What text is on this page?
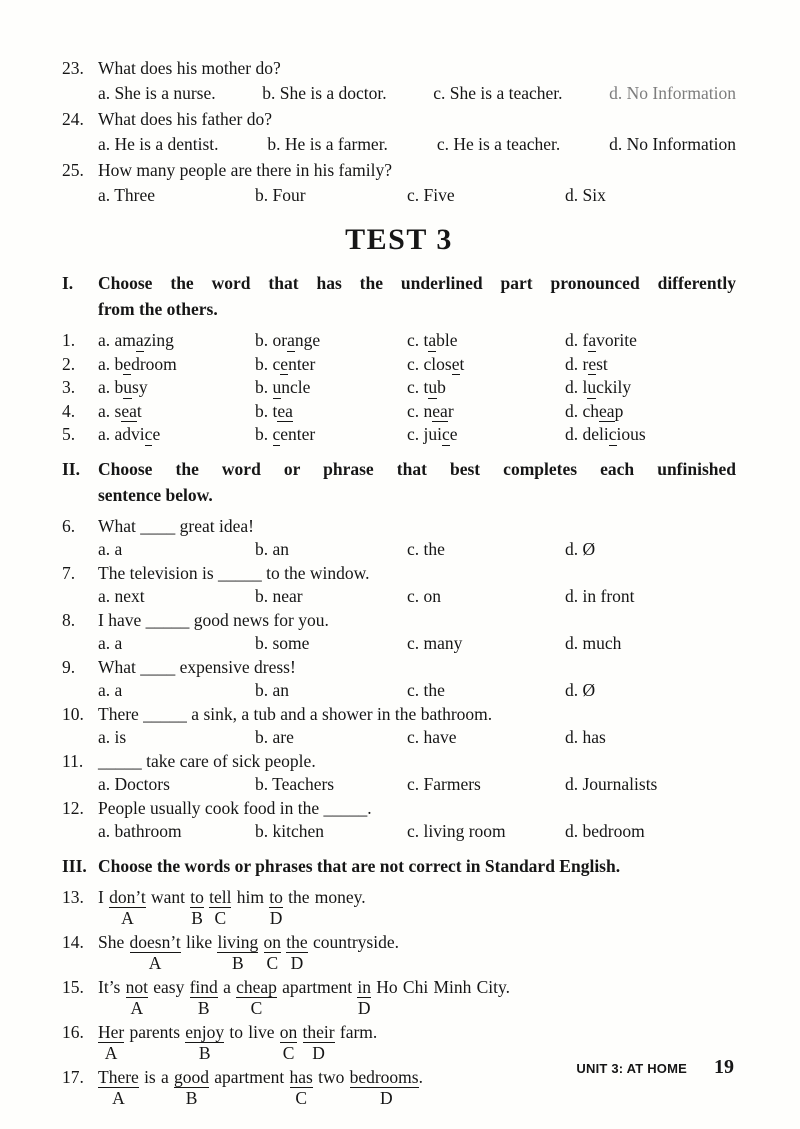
23. What does his mother do?
a. She is a nurse.	b. She is a doctor.	c. She is a teacher.	d. No Information
24. What does his father do?
a. He is a dentist.	b. He is a farmer.	c. He is a teacher.	d. No Information
25. How many people are there in his family?
a. Three	b. Four	c. Five	d. Six
TEST 3
I.	Choose the word that has the underlined part pronounced differently
from the others.
1.	a. amazing	b. orange	c. table	d. favorite
2.	a. bedroom	b. center	c. closet	d. rest
3.	a. busy	b. uncle	c. tub	d. luckily
4.	a. seat	b. tea	c. near	d. cheap
5.	a. advice	b. center	c. juice	d. delicious
II.	Choose the word or phrase that best completes each unfinished
sentence below.
6.	What ____ great idea!
a. a	b. an	c. the	d. Ø
7.	The television is _____ to the window.
a. next	b. near	c. on	d. in front
8.	I have _____ good news for you.
a. a	b. some	c. many	d. much
9.	What ____ expensive dress!
a. a	b. an	c. the	d. Ø
10. There _____ a sink, a tub and a shower in the bathroom.
a. is	b. are	c. have	d. has
11. _____ take care of sick people.
a. Doctors	b. Teachers	c. Farmers	d. Journalists
12. People usually cook food in the _____.
a. bathroom	b. kitchen	c. living room	d. bedroom
III. Choose the words or phrases that are not correct in Standard English.
13. I don’t
A
want to
B
tell
C
him to
D
the money.
14. She doesn’t
A
like living
B
on
C
the
D
countryside.
15. It’s not
A
easy find
B
a cheap
C
apartment in
D
Ho Chi Minh City.
16. Her
A
parents enjoy
B
to live on
C
their
D
farm.
17. There
A
is a good
B
apartment has
C
two bedrooms.
D
UNIT 3: AT HOME 19
